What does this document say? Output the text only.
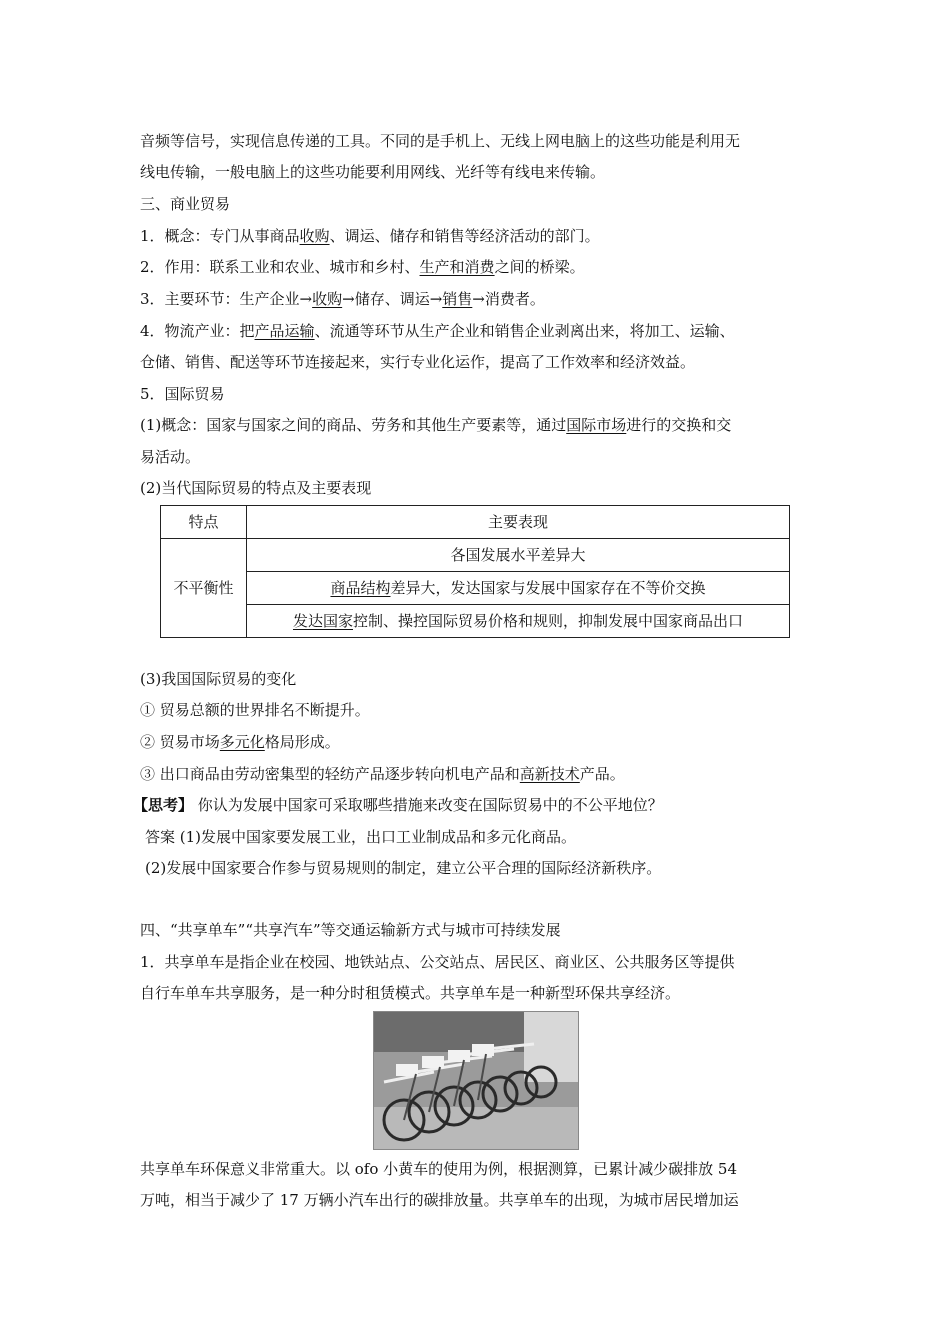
音频等信号，实现信息传递的工具。不同的是手机上、无线上网电脑上的这些功能是利用无
线电传输，一般电脑上的这些功能要利用网线、光纤等有线电来传输。
三、商业贸易
1．概念：专门从事商品收购、调运、储存和销售等经济活动的部门。
2．作用：联系工业和农业、城市和乡村、生产和消费之间的桥梁。
3．主要环节：生产企业→收购→储存、调运→销售→消费者。
4．物流产业：把产品运输、流通等环节从生产企业和销售企业剥离出来，将加工、运输、
仓储、销售、配送等环节连接起来，实行专业化运作，提高了工作效率和经济效益。
5．国际贸易
(1)概念：国家与国家之间的商品、劳务和其他生产要素等，通过国际市场进行的交换和交
易活动。
(2)当代国际贸易的特点及主要表现
特点	主要表现
不平衡性	各国发展水平差异大
	商品结构差异大，发达国家与发展中国家存在不等价交换
	发达国家控制、操控国际贸易价格和规则，抑制发展中国家商品出口
(3)我国国际贸易的变化
① 贸易总额的世界排名不断提升。
② 贸易市场多元化格局形成。
③ 出口商品由劳动密集型的轻纺产品逐步转向机电产品和高新技术产品。
【思考】 你认为发展中国家可采取哪些措施来改变在国际贸易中的不公平地位？
答案 (1)发展中国家要发展工业，出口工业制成品和多元化商品。
(2)发展中国家要合作参与贸易规则的制定，建立公平合理的国际经济新秩序。
四、“共享单车”“共享汽车”等交通运输新方式与城市可持续发展
1．共享单车是指企业在校园、地铁站点、公交站点、居民区、商业区、公共服务区等提供
自行车单车共享服务，是一种分时租赁模式。共享单车是一种新型环保共享经济。
共享单车环保意义非常重大。以 ofo 小黄车的使用为例，根据测算，已累计减少碳排放 54
万吨，相当于减少了 17 万辆小汽车出行的碳排放量。共享单车的出现，为城市居民增加运
